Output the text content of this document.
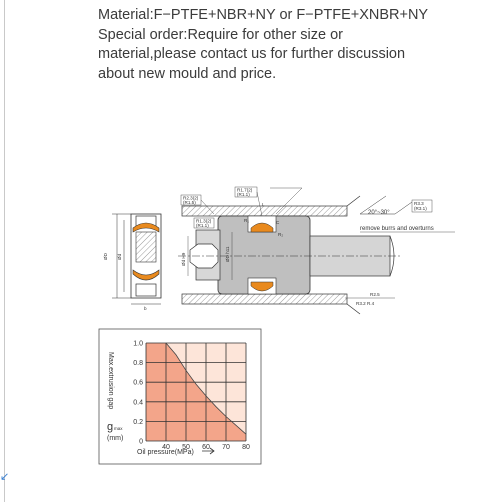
↙
Material:F−PTFE+NBR+NY or F−PTFE+XNBR+NY
Special order:Require for other size or
material,please contact us for further discussion
about new mould and price.
ØD Ød
b
ØD h11
Ød H9
L
R₁
R₂
C
R2.3(2)
(R1.5)
R1.7(2)
(R1.1)
R1.3(2)
(R1.1)
20°~30°
R3.3
(R3.1)
remove burrs and overturns
R2.5
R3.2 R.4
1.0
0.8
0.6
0.4
0.2
0
40 50 60 70 80
Max.extrusion gap
g max
(mm)
Oil pressure(MPa)
